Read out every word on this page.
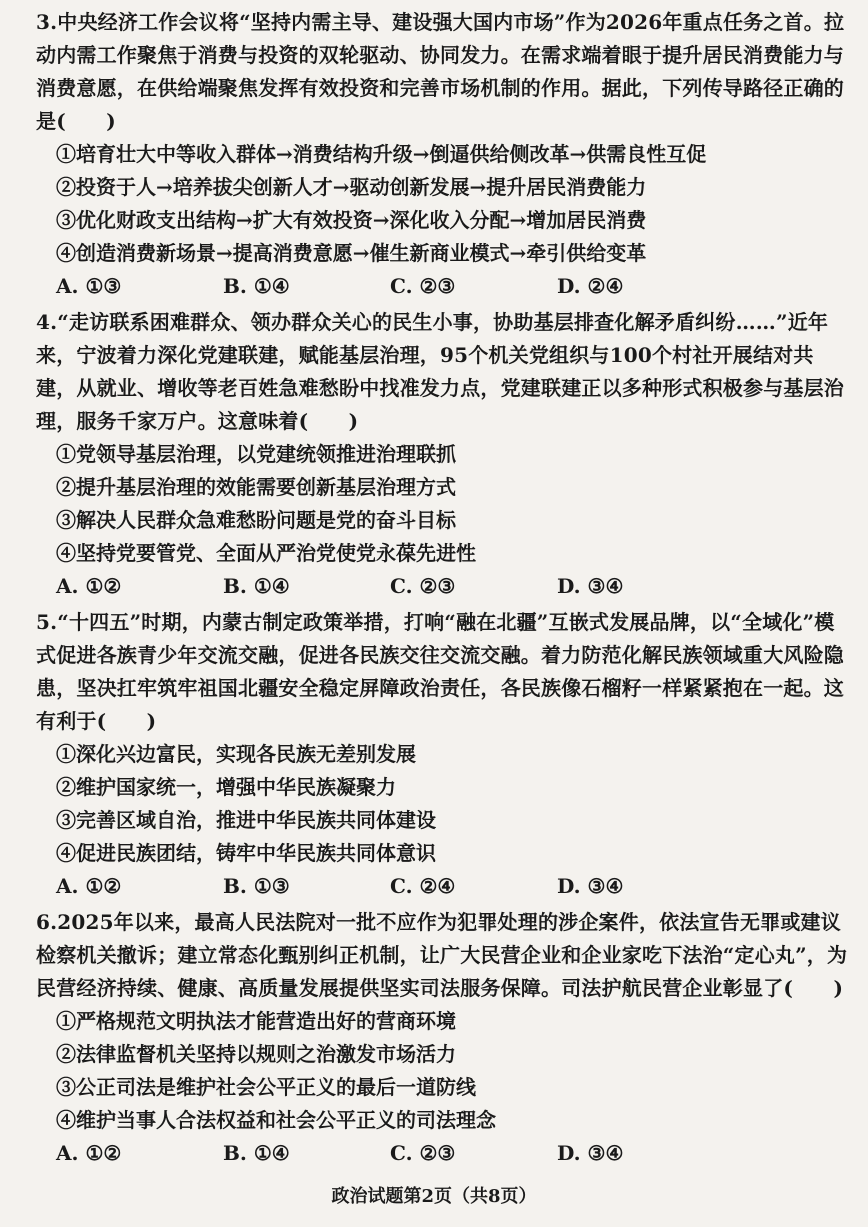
3.中央经济工作会议将“坚持内需主导、建设强大国内市场”作为2026年重点任务之首。拉动内需工作聚焦于消费与投资的双轮驱动、协同发力。在需求端着眼于提升居民消费能力与消费意愿，在供给端聚焦发挥有效投资和完善市场机制的作用。据此，下列传导路径正确的是(　　)
①培育壮大中等收入群体→消费结构升级→倒逼供给侧改革→供需良性互促
②投资于人→培养拔尖创新人才→驱动创新发展→提升居民消费能力
③优化财政支出结构→扩大有效投资→深化收入分配→增加居民消费
④创造消费新场景→提高消费意愿→催生新商业模式→牵引供给变革
A. ①③	B. ①④	C. ②③	D. ②④
4.“走访联系困难群众、领办群众关心的民生小事，协助基层排查化解矛盾纠纷……”近年来，宁波着力深化党建联建，赋能基层治理，95个机关党组织与100个村社开展结对共建，从就业、增收等老百姓急难愁盼中找准发力点，党建联建正以多种形式积极参与基层治理，服务千家万户。这意味着(　　)
①党领导基层治理，以党建统领推进治理联抓
②提升基层治理的效能需要创新基层治理方式
③解决人民群众急难愁盼问题是党的奋斗目标
④坚持党要管党、全面从严治党使党永葆先进性
A. ①②	B. ①④	C. ②③	D. ③④
5.“十四五”时期，内蒙古制定政策举措，打响“融在北疆”互嵌式发展品牌，以“全域化”模式促进各族青少年交流交融，促进各民族交往交流交融。着力防范化解民族领域重大风险隐患，坚决扛牢筑牢祖国北疆安全稳定屏障政治责任，各民族像石榴籽一样紧紧抱在一起。这有利于(　　)
①深化兴边富民，实现各民族无差别发展
②维护国家统一，增强中华民族凝聚力
③完善区域自治，推进中华民族共同体建设
④促进民族团结，铸牢中华民族共同体意识
A. ①②	B. ①③	C. ②④	D. ③④
6.2025年以来，最高人民法院对一批不应作为犯罪处理的涉企案件，依法宣告无罪或建议检察机关撤诉；建立常态化甄别纠正机制，让广大民营企业和企业家吃下法治“定心丸”，为民营经济持续、健康、高质量发展提供坚实司法服务保障。司法护航民营企业彰显了(　　)
①严格规范文明执法才能营造出好的营商环境
②法律监督机关坚持以规则之治激发市场活力
③公正司法是维护社会公平正义的最后一道防线
④维护当事人合法权益和社会公平正义的司法理念
A. ①②	B. ①④	C. ②③	D. ③④
政治试题第2页（共8页）
